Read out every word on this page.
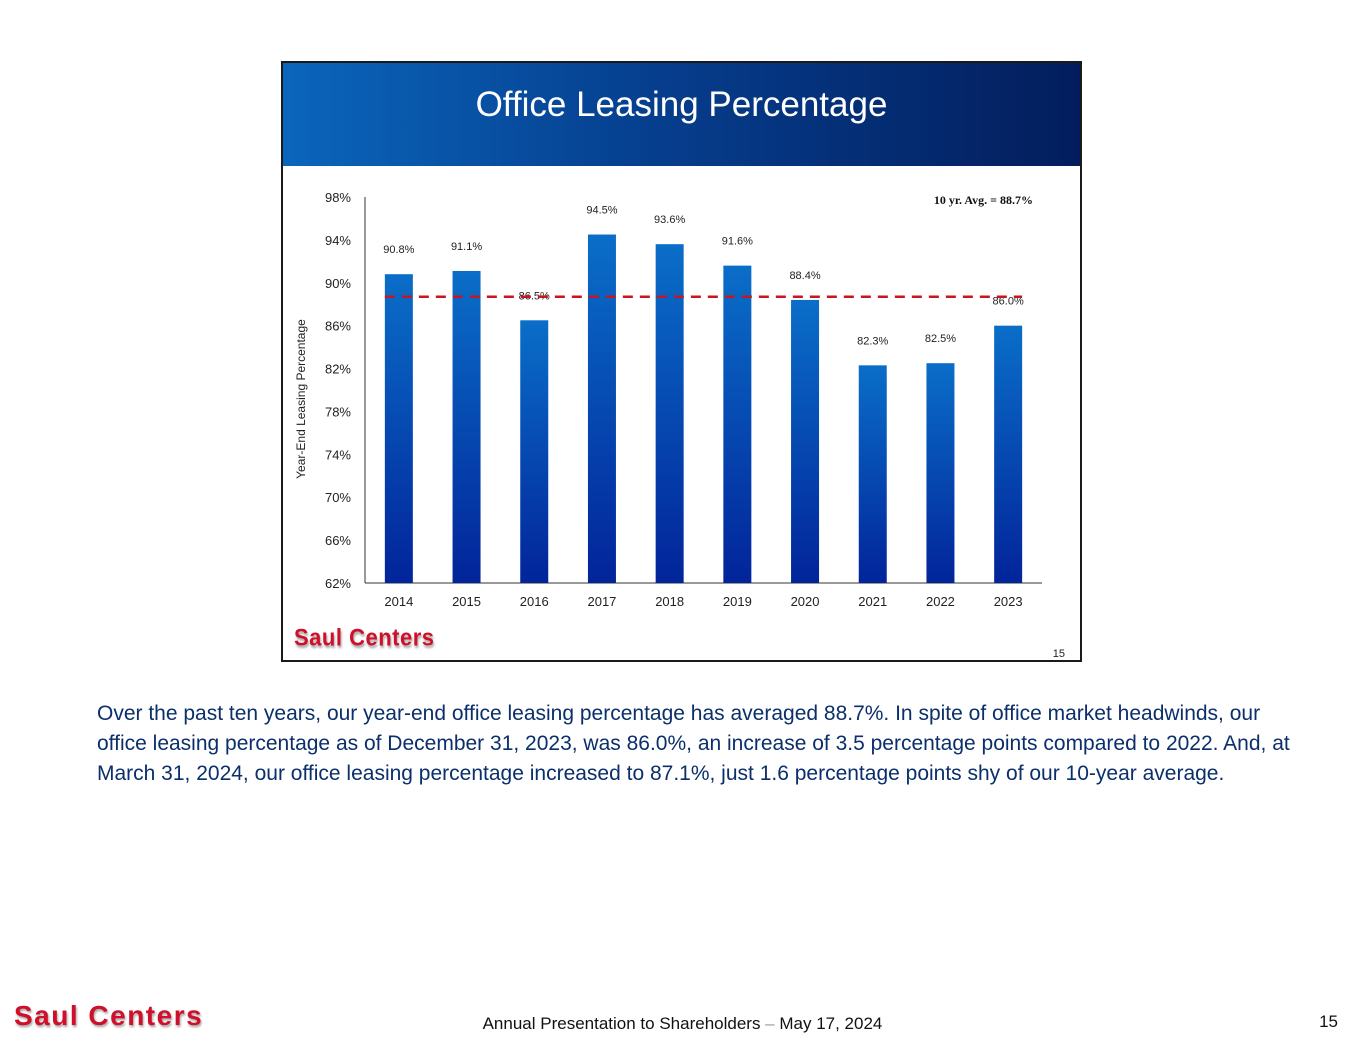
Office Leasing Percentage
62%
66%
70%
74%
78%
82%
86%
90%
94%
98%
Year-End Leasing Percentage
90.8%	91.1%
86.5%
94.5%
93.6%
91.6%
88.4%
82.3%	82.5%
86.0%
2014	2015	2016	2017	2018	2019	2020	2021	2022	2023
10 yr. Avg. = 88.7%
Saul Centers
15
Over the past ten years, our year-end office leasing percentage has averaged 88.7%. In spite of office market headwinds, our office leasing percentage as of December 31, 2023, was 86.0%, an increase of 3.5 percentage points compared to 2022. And, at March 31, 2024, our office leasing percentage increased to 87.1%, just 1.6 percentage points shy of our 10-year average.
Saul Centers	Annual Presentation to Shareholders – May 17, 2024	15
